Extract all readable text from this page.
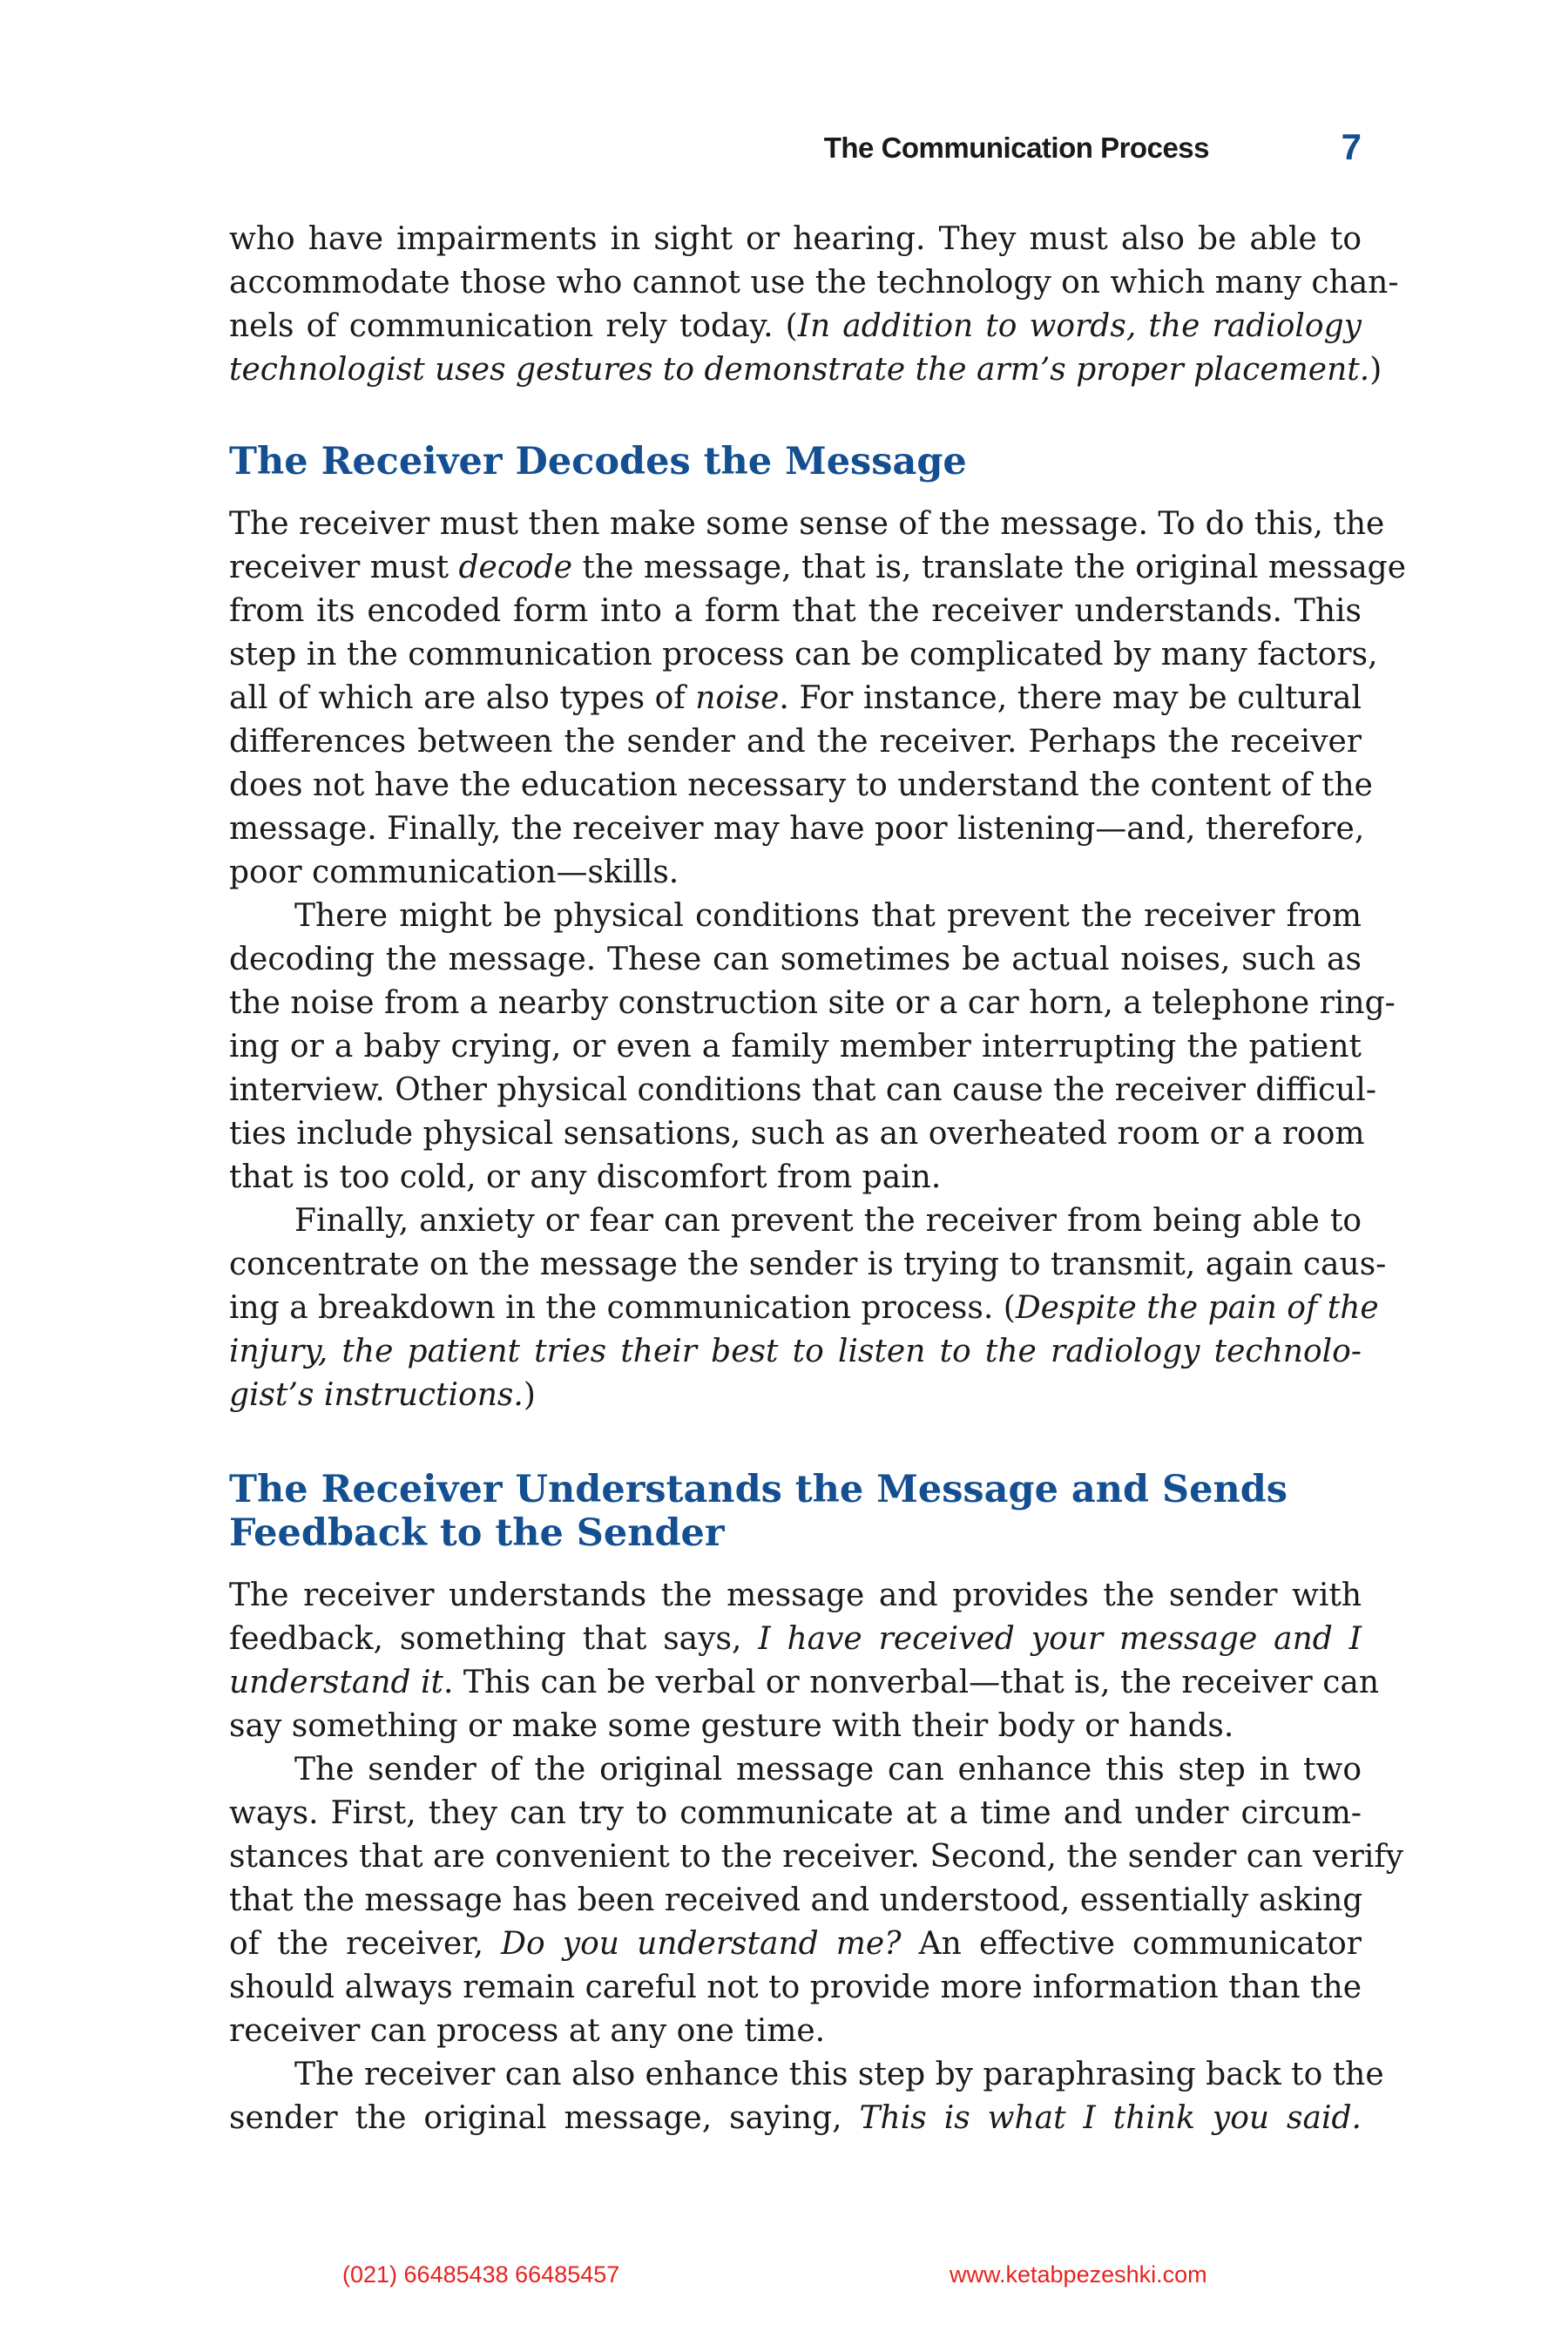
The Communication Process	7
who have impairments in sight or hearing. They must also be able to
accommodate those who cannot use the technology on which many chan-
nels of communication rely today. (In addition to words, the radiology
technologist uses gestures to demonstrate the arm’s proper placement.)
The Receiver Decodes the Message
The receiver must then make some sense of the message. To do this, the
receiver must decode the message, that is, translate the original message
from its encoded form into a form that the receiver understands. This
step in the communication process can be complicated by many factors,
all of which are also types of noise. For instance, there may be cultural
differences between the sender and the receiver. Perhaps the receiver
does not have the education necessary to understand the content of the
message. Finally, the receiver may have poor listening—and, therefore,
poor communication—skills.
There might be physical conditions that prevent the receiver from
decoding the message. These can sometimes be actual noises, such as
the noise from a nearby construction site or a car horn, a telephone ring-
ing or a baby crying, or even a family member interrupting the patient
interview. Other physical conditions that can cause the receiver difficul-
ties include physical sensations, such as an overheated room or a room
that is too cold, or any discomfort from pain.
Finally, anxiety or fear can prevent the receiver from being able to
concentrate on the message the sender is trying to transmit, again caus-
ing a breakdown in the communication process. (Despite the pain of the
injury, the patient tries their best to listen to the radiology technolo-
gist’s instructions.)
The Receiver Understands the Message and Sends
Feedback to the Sender
The receiver understands the message and provides the sender with
feedback, something that says, I have received your message and I
understand it. This can be verbal or nonverbal—that is, the receiver can
say something or make some gesture with their body or hands.
The sender of the original message can enhance this step in two
ways. First, they can try to communicate at a time and under circum-
stances that are convenient to the receiver. Second, the sender can verify
that the message has been received and understood, essentially asking
of the receiver, Do you understand me? An effective communicator
should always remain careful not to provide more information than the
receiver can process at any one time.
The receiver can also enhance this step by paraphrasing back to the
sender the original message, saying, This is what I think you said.
(021) 66485438 66485457	www.ketabpezeshki.com
